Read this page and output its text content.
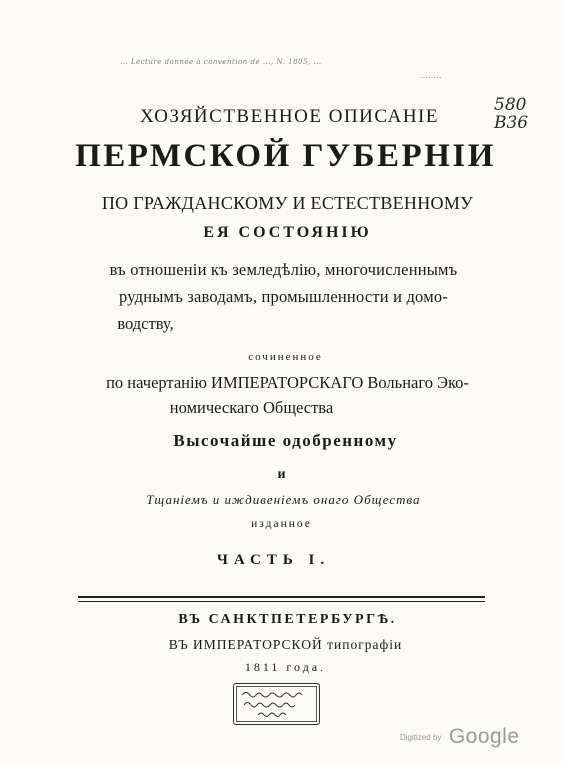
... Lecture donnée à convention de ..., N. 1805, ...
........
580
B36
ХОЗЯЙСТВЕННОЕ ОПИСАНІЕ
ПЕРМСКОЙ ГУБЕРНІИ
ПО ГРАЖДАНСКОМУ И ЕСТЕСТВЕННОМУ
ЕЯ СОСТОЯНІЮ
въ отношеніи къ земледѣлію, многочисленнымъ
руднымъ заводамъ, промышленности и домо-
водству,
сочиненное
по начертанію ИМПЕРАТОРСКАГО Вольнаго Эко-
номическаго Общества
Высочайше одобренному
и
Тщаніемъ и иждивеніемъ онаго Общества
изданное
ЧАСТЬ I.
ВЪ САНКТПЕТЕРБУРГѢ.
ВЪ ИМПЕРАТОРСКОЙ типографіи
1811 года.
Digitized by Google
